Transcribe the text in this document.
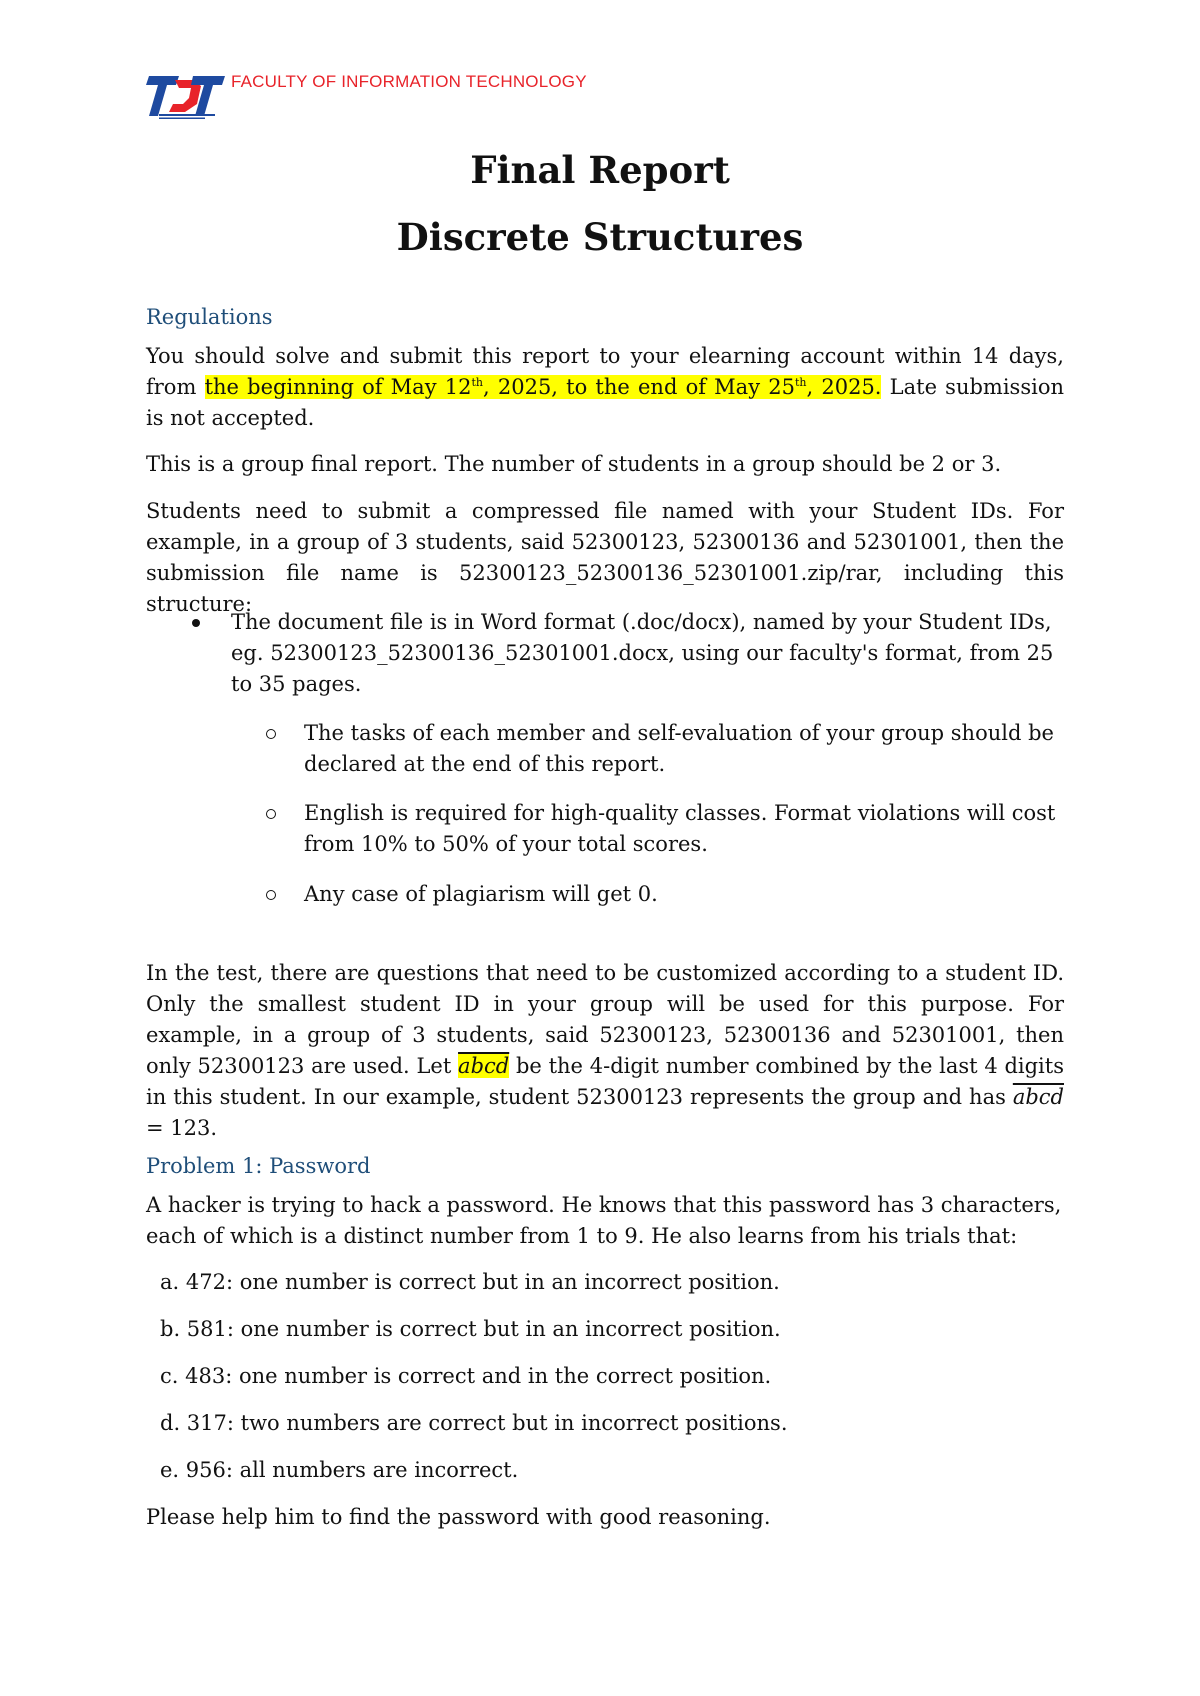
FACULTY OF INFORMATION TECHNOLOGY
Final Report
Discrete Structures
Regulations
You should solve and submit this report to your elearning account within 14 days, from the beginning of May 12th, 2025, to the end of May 25th, 2025. Late submission is not accepted.
This is a group final report. The number of students in a group should be 2 or 3.
Students need to submit a compressed file named with your Student IDs. For example, in a group of 3 students, said 52300123, 52300136 and 52301001, then the submission file name is 52300123_52300136_52301001.zip/rar, including this structure:
The document file is in Word format (.doc/docx), named by your Student IDs, eg. 52300123_52300136_52301001.docx, using our faculty's format, from 25 to 35 pages.
The tasks of each member and self-evaluation of your group should be declared at the end of this report.
English is required for high-quality classes. Format violations will cost from 10% to 50% of your total scores.
Any case of plagiarism will get 0.
In the test, there are questions that need to be customized according to a student ID. Only the smallest student ID in your group will be used for this purpose. For example, in a group of 3 students, said 52300123, 52300136 and 52301001, then only 52300123 are used. Let abcd be the 4-digit number combined by the last 4 digits in this student. In our example, student 52300123 represents the group and has abcd = 123.
Problem 1: Password
A hacker is trying to hack a password. He knows that this password has 3 characters, each of which is a distinct number from 1 to 9. He also learns from his trials that:
a. 472: one number is correct but in an incorrect position.
b. 581: one number is correct but in an incorrect position.
c. 483: one number is correct and in the correct position.
d. 317: two numbers are correct but in incorrect positions.
e. 956: all numbers are incorrect.
Please help him to find the password with good reasoning.
